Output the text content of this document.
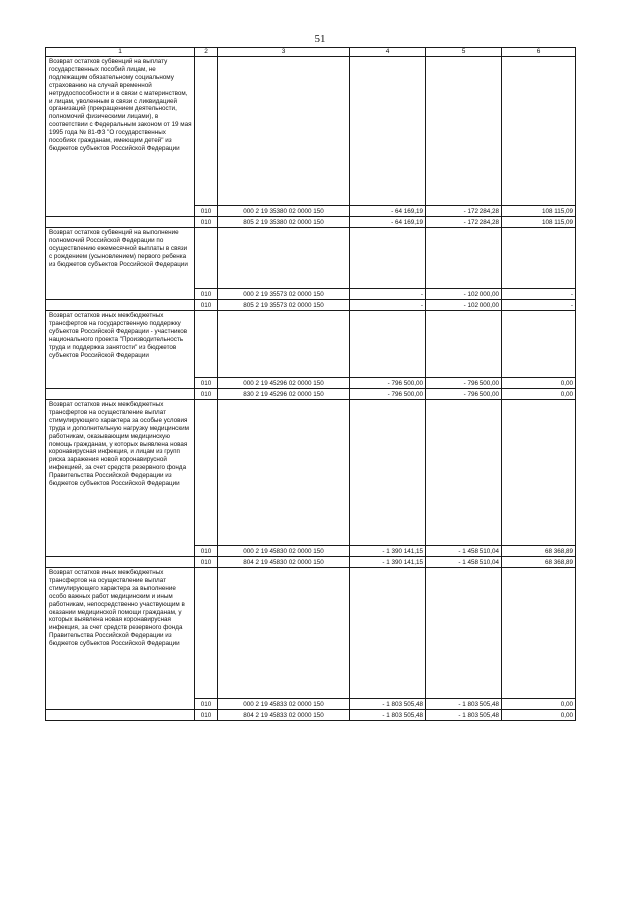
51
1	2	3	4	5	6
Возврат остатков субвенций на выплату государственных пособий лицам, не подлежащим обязательному социальному страхованию на случай временной нетрудоспособности и в связи с материнством, и лицам, уволенным в связи с ликвидацией организаций (прекращением деятельности, полномочий физическими лицами), в соответствии с Федеральным законом от 19 мая 1995 года № 81-ФЗ "О государственных пособиях гражданам, имеющим детей" из бюджетов субъектов Российской Федерации					
	010	000 2 19 35380 02 0000 150	- 64 169,19	- 172 284,28	108 115,09
	010	805 2 19 35380 02 0000 150	- 64 169,19	- 172 284,28	108 115,09
Возврат остатков субвенций на выполнение полномочий Российской Федерации по осуществлению ежемесячной выплаты в связи с рождением (усыновлением) первого ребенка из бюджетов субъектов Российской Федерации					
	010	000 2 19 35573 02 0000 150	-	- 102 000,00	-
	010	805 2 19 35573 02 0000 150	-	- 102 000,00	-
Возврат остатков иных межбюджетных трансфертов на государственную поддержку субъектов Российской Федерации - участников национального проекта "Производительность труда и поддержка занятости" из бюджетов субъектов Российской Федерации					
	010	000 2 19 45296 02 0000 150	- 796 500,00	- 796 500,00	0,00
	010	830 2 19 45296 02 0000 150	- 796 500,00	- 796 500,00	0,00
Возврат остатков иных межбюджетных трансфертов на осуществление выплат стимулирующего характера за особые условия труда и дополнительную нагрузку медицинским работникам, оказывающим медицинскую помощь гражданам, у которых выявлена новая коронавирусная инфекция, и лицам из групп риска заражения новой коронавирусной инфекцией, за счет средств резервного фонда Правительства Российской Федерации из бюджетов субъектов Российской Федерации					
	010	000 2 19 45830 02 0000 150	- 1 390 141,15	- 1 458 510,04	68 368,89
	010	804 2 19 45830 02 0000 150	- 1 390 141,15	- 1 458 510,04	68 368,89
Возврат остатков иных межбюджетных трансфертов на осуществление выплат стимулирующего характера за выполнение особо важных работ медицинским и иным работникам, непосредственно участвующим в оказании медицинской помощи гражданам, у которых выявлена новая коронавирусная инфекция, за счет средств резервного фонда Правительства Российской Федерации из бюджетов субъектов Российской Федерации					
	010	000 2 19 45833 02 0000 150	- 1 803 505,48	- 1 803 505,48	0,00
	010	804 2 19 45833 02 0000 150	- 1 803 505,48	- 1 803 505,48	0,00
